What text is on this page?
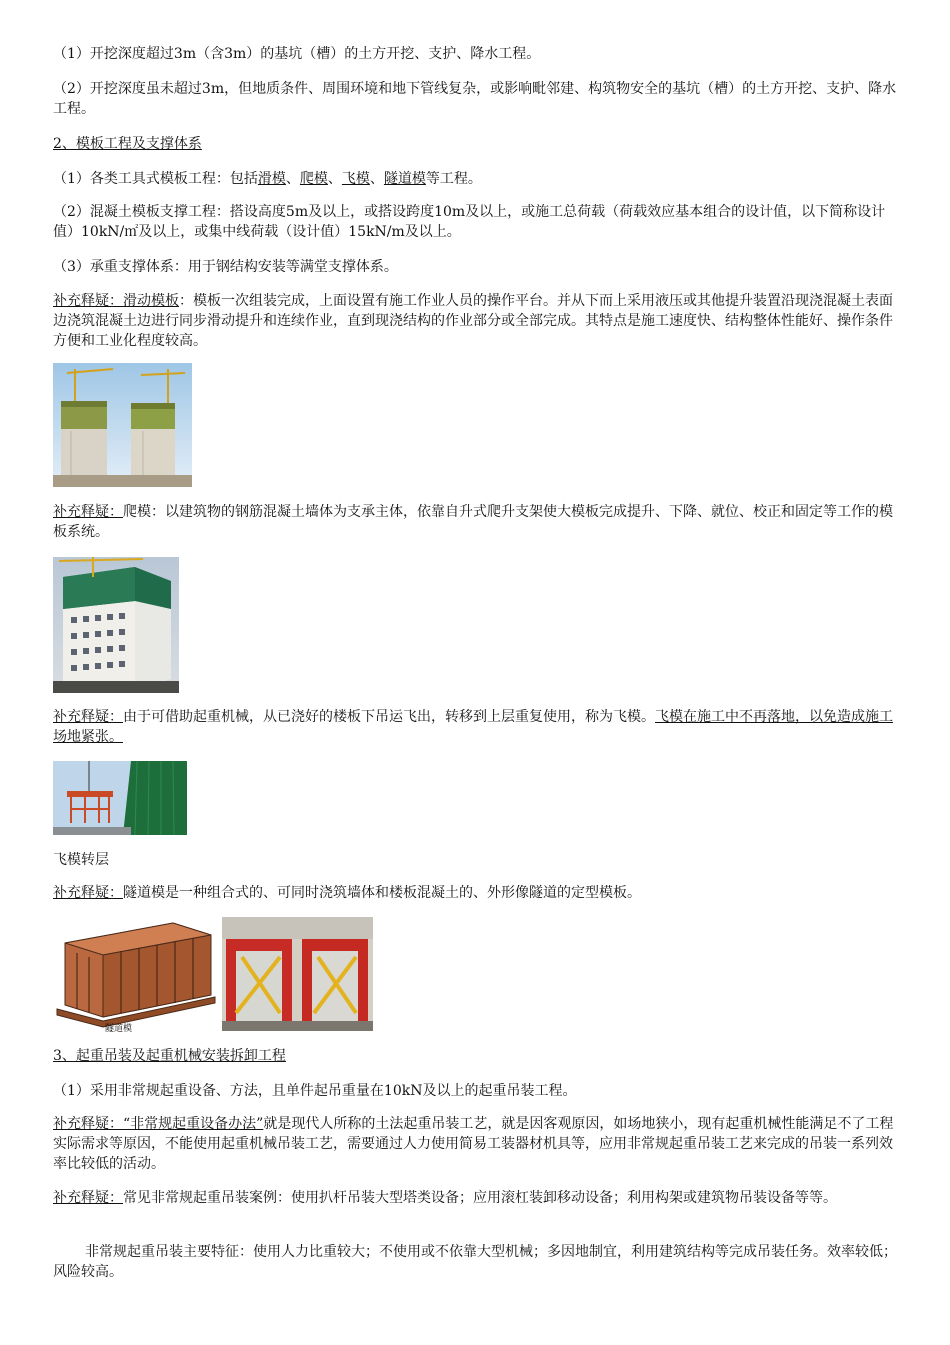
（1）开挖深度超过3m（含3m）的基坑（槽）的土方开挖、支护、降水工程。

（2）开挖深度虽未超过3m，但地质条件、周围环境和地下管线复杂，或影响毗邻建、构筑物安全的基坑（槽）的土方开挖、支护、降水工程。

2、模板工程及支撑体系

（1）各类工具式模板工程：包括滑模、爬模、飞模、隧道模等工程。

（2）混凝土模板支撑工程：搭设高度5m及以上，或搭设跨度10m及以上，或施工总荷载（荷载效应基本组合的设计值，以下简称设计值）10kN/㎡及以上，或集中线荷载（设计值）15kN/m及以上。

（3）承重支撑体系：用于钢结构安装等满堂支撑体系。

补充释疑：滑动模板：模板一次组装完成，上面设置有施工作业人员的操作平台。并从下而上采用液压或其他提升装置沿现浇混凝土表面边浇筑混凝土边进行同步滑动提升和连续作业，直到现浇结构的作业部分或全部完成。其特点是施工速度快、结构整体性能好、操作条件方便和工业化程度较高。

补充释疑：爬模：以建筑物的钢筋混凝土墙体为支承主体，依靠自升式爬升支架使大模板完成提升、下降、就位、校正和固定等工作的模板系统。

补充释疑：由于可借助起重机械，从已浇好的楼板下吊运飞出，转移到上层重复使用，称为飞模。飞模在施工中不再落地，以免造成施工场地紧张。

飞模转层

补充释疑：隧道模是一种组合式的、可同时浇筑墙体和楼板混凝土的、外形像隧道的定型模板。

隧道模

3、起重吊装及起重机械安装拆卸工程

（1）采用非常规起重设备、方法，且单件起吊重量在10kN及以上的起重吊装工程。

补充释疑：“非常规起重设备办法”就是现代人所称的土法起重吊装工艺，就是因客观原因，如场地狭小，现有起重机械性能满足不了工程实际需求等原因，不能使用起重机械吊装工艺，需要通过人力使用简易工装器材机具等，应用非常规起重吊装工艺来完成的吊装一系列效率比较低的活动。

补充释疑：常见非常规起重吊装案例：使用扒杆吊装大型塔类设备；应用滚杠装卸移动设备；利用构架或建筑物吊装设备等等。

非常规起重吊装主要特征：使用人力比重较大；不使用或不依靠大型机械；多因地制宜，利用建筑结构等完成吊装任务。效率较低；风险较高。
